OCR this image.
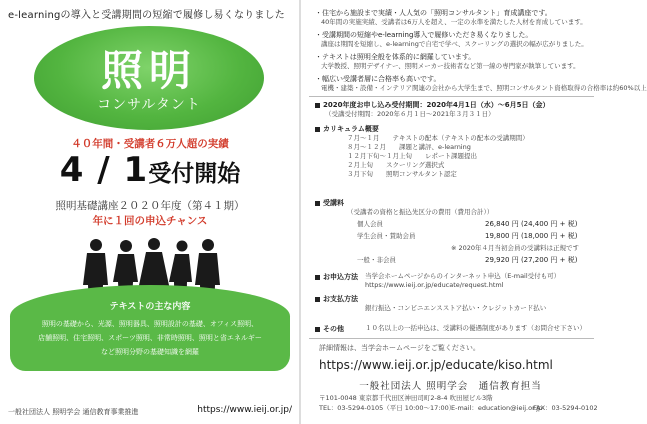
e-learningの導入と受講期間の短縮で履修し易くなりました
照明
コンサルタント
４０年間・受講者６万人超の実績
4 / 1受付開始
照明基礎講座２０２０年度（第４１期）
年に１回の申込チャンス
テキストの主な内容
照明の基礎から、光源、照明器具、照明設計の基礎、オフィス照明、
店舗照明、住宅照明、スポーツ照明、非常時照明、照明と省エネルギー
など照明分野の基礎知識を網羅
一般社団法人 照明学会 通信教育事業推進	https://www.ieij.or.jp/
・住宅から施設まで実績・人人気の「照明コンサルタント」育成講座です。
40年間の実施実績、受講者は6万人を超え、一定の水準を満たした人材を育成しています。
・受講期間の短縮やe-learning導入で履修いただき易くなりました。
講座は期間を短縮し、e-learningで自宅で学べ、スクーリングの選択の幅が広がりました。
・テキストは照明全般を体系的に網羅しています。
大学教授、照明デザイナー、照明メーカー技術者など第一線の専門家が執筆しています。
・幅広い受講者層に合格率も高いです。
電機・建築・設備・インテリア関連の会社から大学生まで、照明コンサルタント資格取得の合格率は約60%以上
2020年度お申し込み受付期間：2020年4月1日（水）～6月5日（金）
（受講受付期間：2020年６月１日～2021年３月３１日）
カリキュラム概要
７月～１月　　テキストの配本（テキストの配本の受講期間）
８月～１２月　　課題と講評、e-learning
１２月下旬～１月上旬　　レポート課題提出
２月上旬　　スクーリング選択式
３月下旬　　照明コンサルタント認定
受講料
（受講者の資格と振込先区分の費用（費用合計））
個人会員	26,840 円 (24,400 円 + 税)
学生会員・賛助会員	19,800 円 (18,000 円 + 税)
※ 2020年４月当初会員の受講料は正規です
一般・非会員	29,920 円 (27,200 円 + 税)
お申込方法 当学会ホームページからのインターネット申込（E-mail受付も可）
https://www.ieij.or.jp/educate/request.html
お支払方法
銀行振込・コンビニエンスストア払い・クレジットカード払い
その他	１０名以上の一括申込は、受講料の優遇制度があります（お問合せ下さい）
詳細情報は、当学会ホームページをご覧ください。
https://www.ieij.or.jp/educate/kiso.html
一般社団法人 照明学会　通信教育担当
〒101-0048 東京都千代田区神田司町2-8-4 吹田屋ビル3階
TEL：03-5294-0105（平日 10:00～17:00）
E-mail：education@ieij.or.jp
FAX：03-5294-0102
